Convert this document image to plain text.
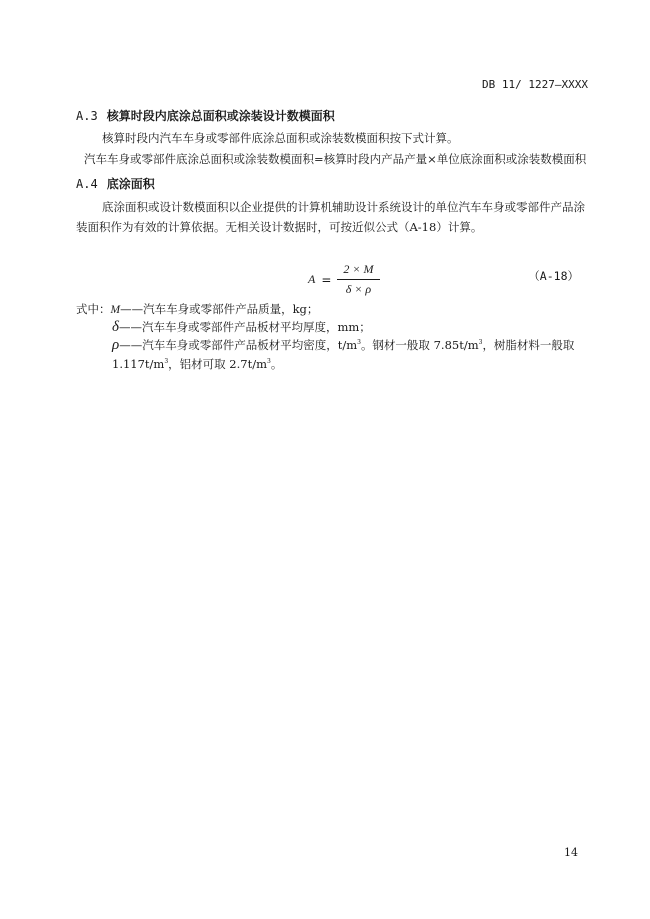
DB 11/ 1227—XXXX
A.3 核算时段内底涂总面积或涂装设计数模面积
核算时段内汽车车身或零部件底涂总面积或涂装数模面积按下式计算。
汽车车身或零部件底涂总面积或涂装数模面积=核算时段内产品产量×单位底涂面积或涂装数模面积
A.4 底涂面积
底涂面积或设计数模面积以企业提供的计算机辅助设计系统设计的单位汽车车身或零部件产品涂
装面积作为有效的计算依据。无相关设计数据时，可按近似公式（A-18）计算。
$A = \frac{2 \times M}{\delta \times \rho}$	（A-18）
式中：M——汽车车身或零部件产品质量，kg；
δ——汽车车身或零部件产品板材平均厚度，mm；
ρ——汽车车身或零部件产品板材平均密度，$t/m^3$。钢材一般取 $7.85t/m^3$，树脂材料一般取
$1.117t/m^3$，铝材可取 $2.7t/m^3$。
14
